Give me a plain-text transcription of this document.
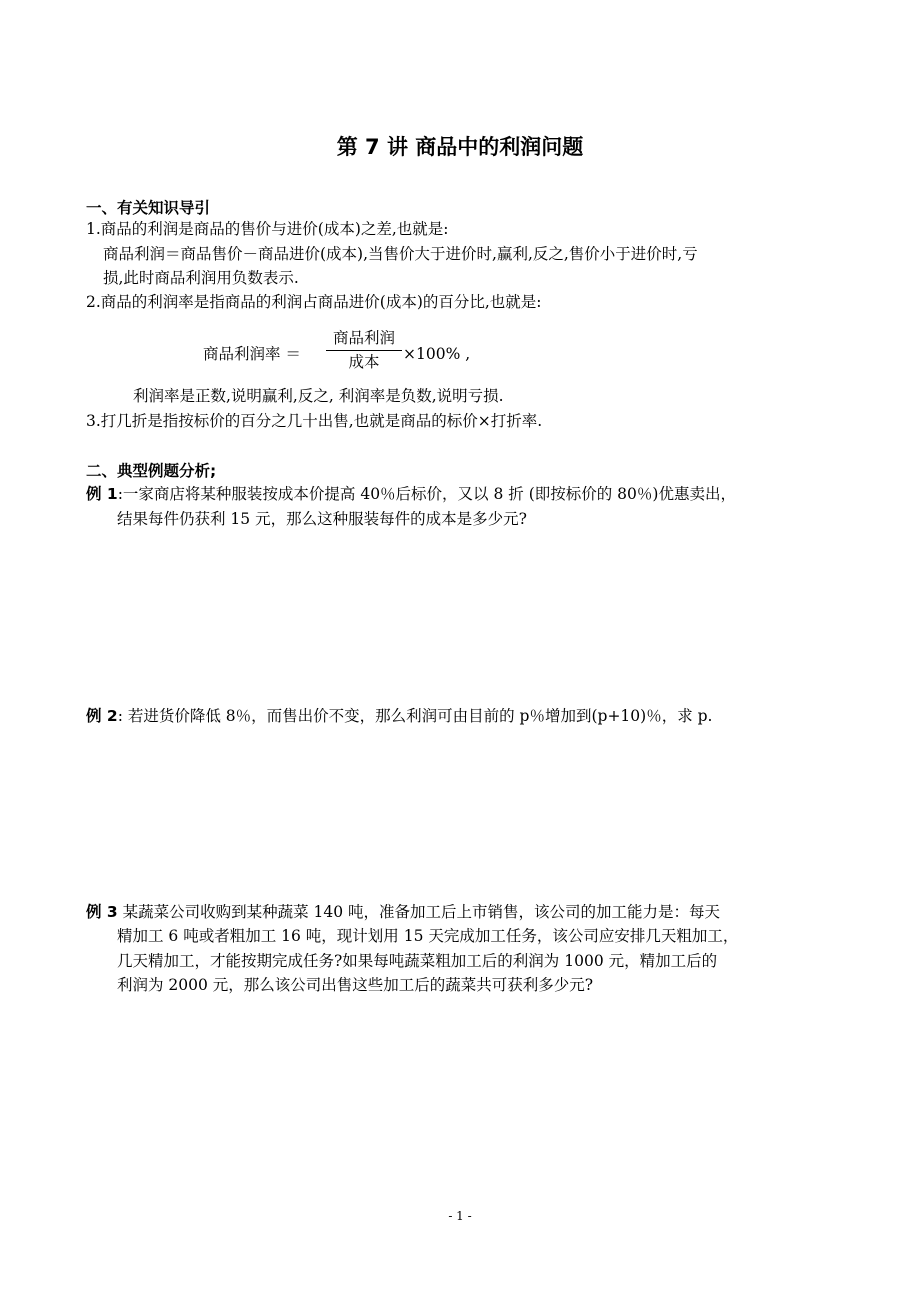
第 7 讲 商品中的利润问题
一、有关知识导引
1.商品的利润是商品的售价与进价(成本)之差,也就是:
商品利润＝商品售价－商品进价(成本),当售价大于进价时,赢利,反之,售价小于进价时,亏
损,此时商品利润用负数表示.
2.商品的利润率是指商品的利润占商品进价(成本)的百分比,也就是:
商品利润率 ＝
商品利润
成本	×100% ,
利润率是正数,说明赢利,反之, 利润率是负数,说明亏损.
3.打几折是指按标价的百分之几十出售,也就是商品的标价×打折率.
二、典型例题分析;
例 1:一家商店将某种服装按成本价提高 40％后标价，又以 8 折 (即按标价的 80％)优惠卖出，
结果每件仍获利 15 元，那么这种服装每件的成本是多少元?
例 2: 若进货价降低 8％，而售出价不变，那么利润可由目前的 p％增加到(p+10)％，求 p.
例 3 某蔬菜公司收购到某种蔬菜 140 吨，准备加工后上市销售，该公司的加工能力是：每天
精加工 6 吨或者粗加工 16 吨，现计划用 15 天完成加工任务，该公司应安排几天粗加工，
几天精加工，才能按期完成任务?如果每吨蔬菜粗加工后的利润为 1000 元，精加工后的
利润为 2000 元，那么该公司出售这些加工后的蔬菜共可获利多少元?
- 1 -
